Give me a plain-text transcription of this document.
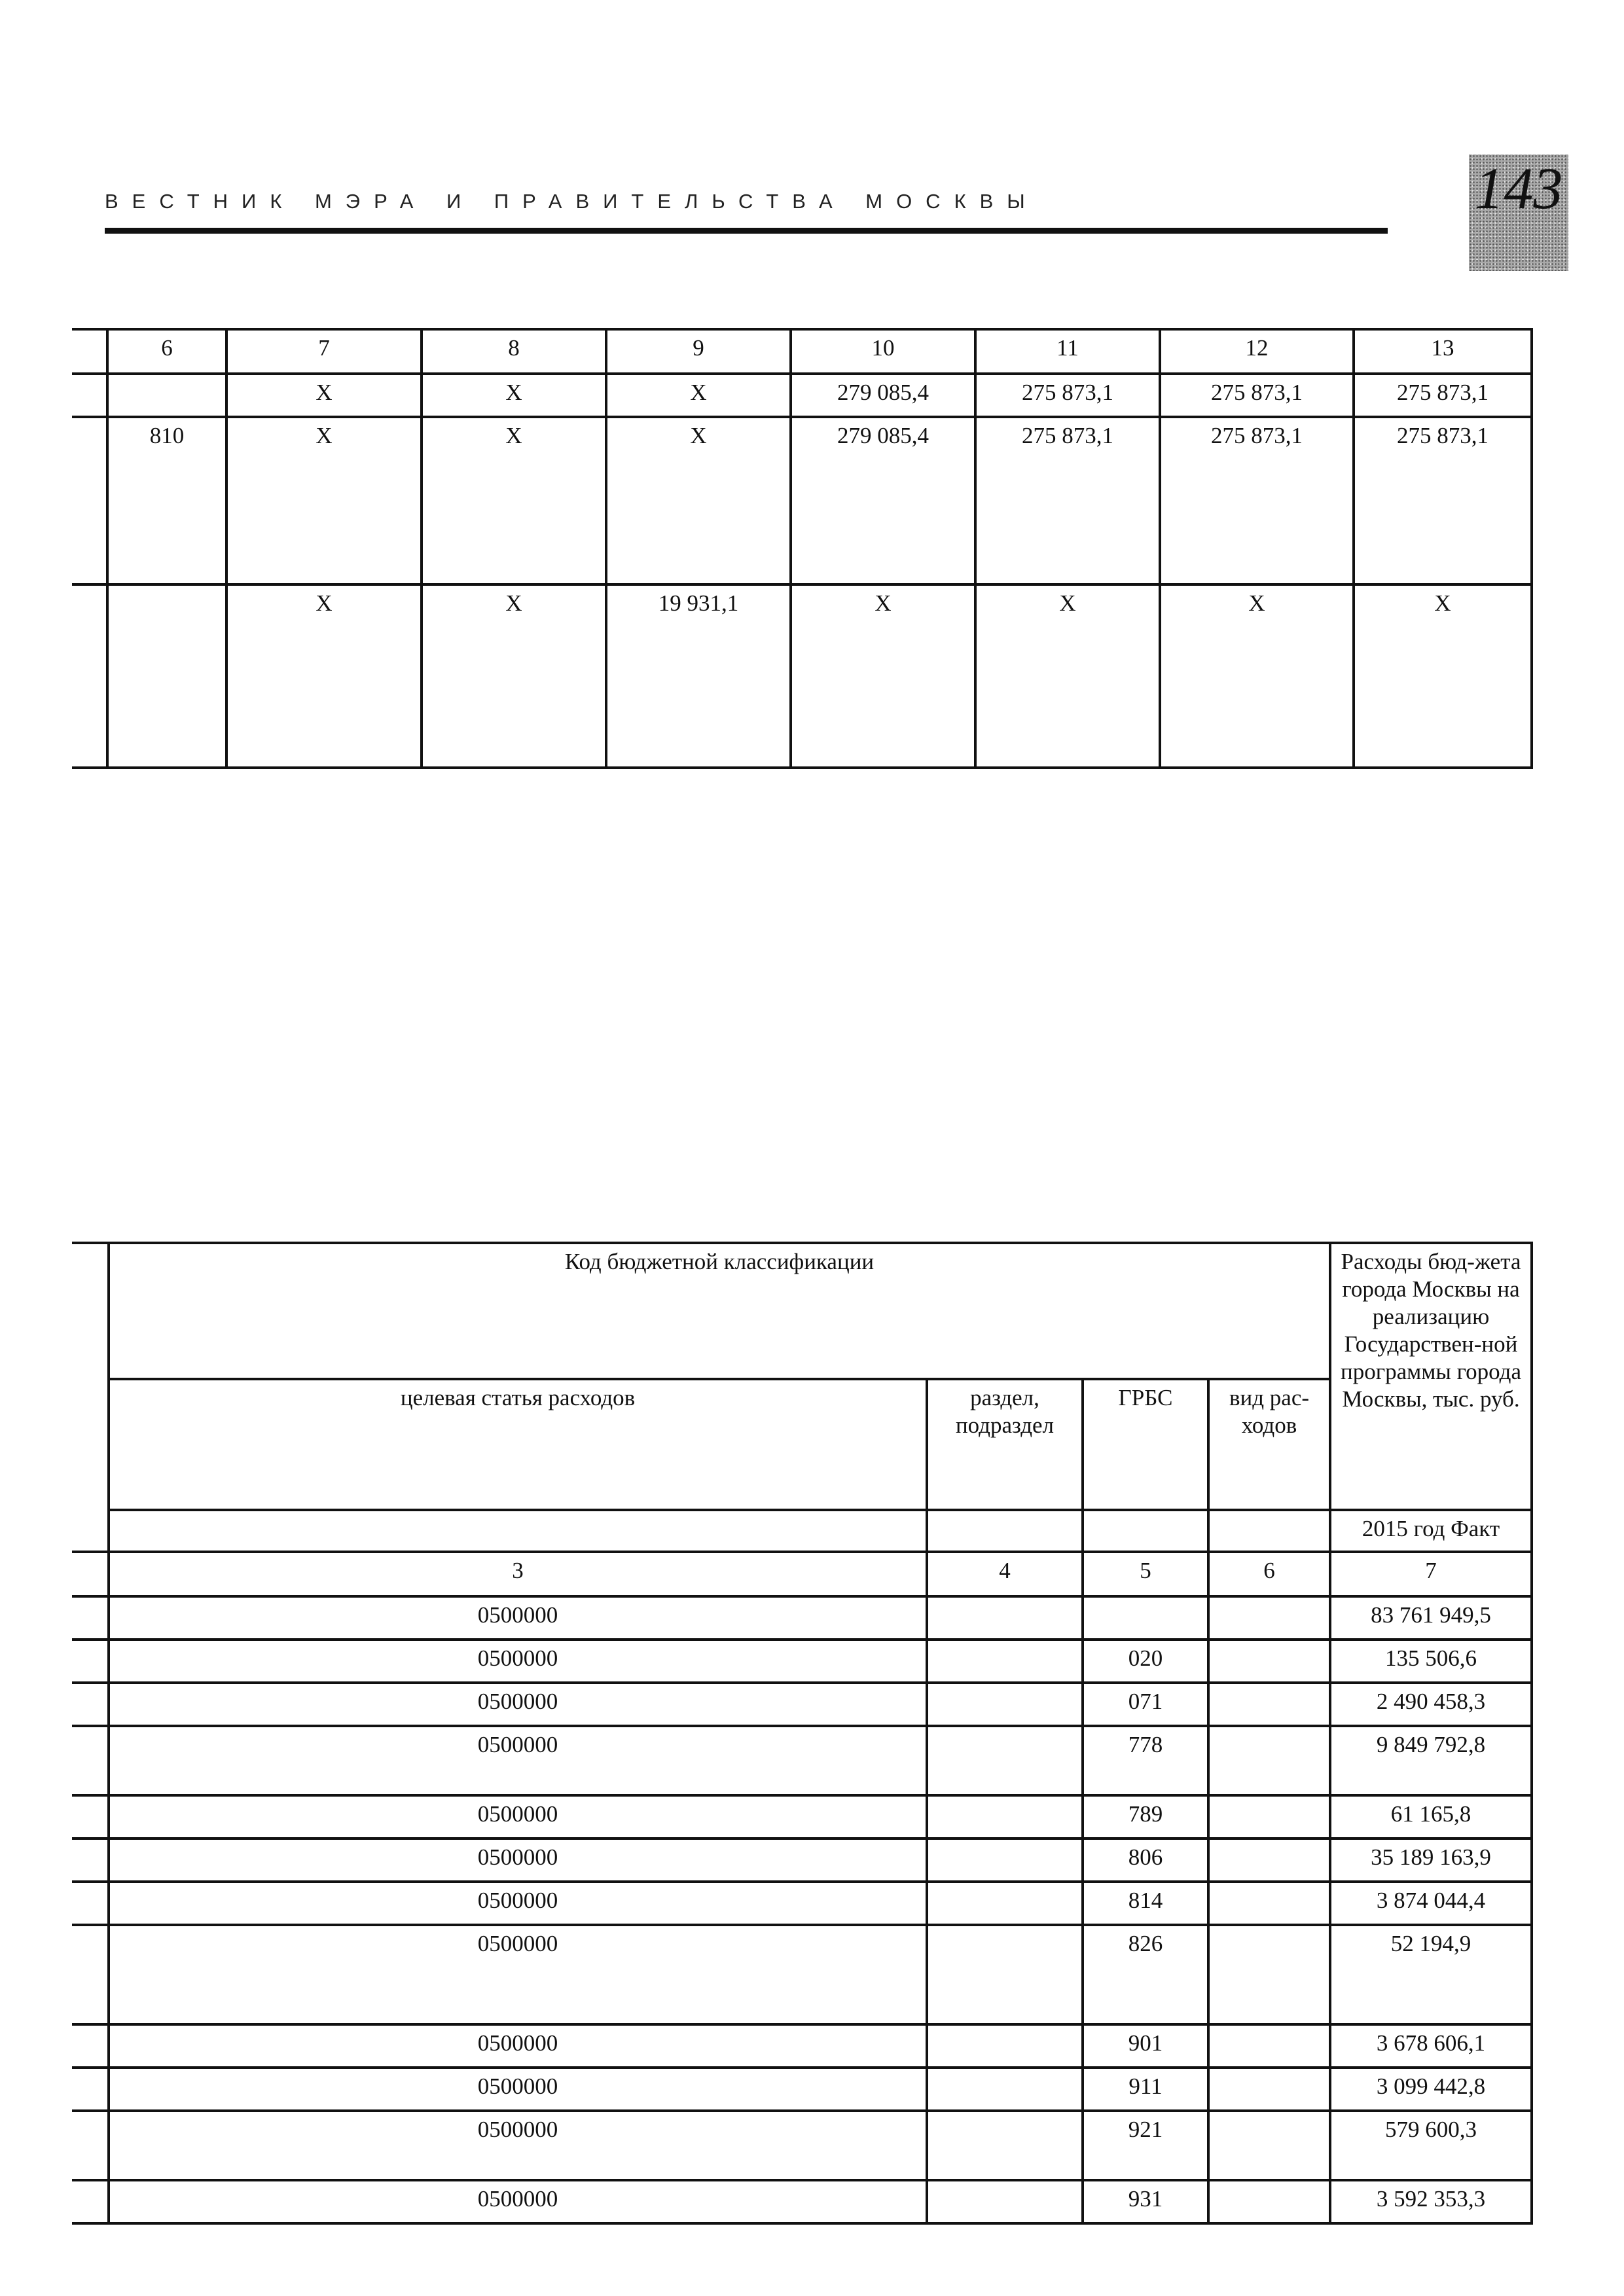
ВЕСТНИК МЭРА И ПРАВИТЕЛЬСТВА МОСКВЫ	143
	6	7	8	9	10	11	12	13
		Х	Х	Х	279 085,4	275 873,1	275 873,1	275 873,1
	810	Х	Х	Х	279 085,4	275 873,1	275 873,1	275 873,1
		Х	Х	19 931,1	Х	Х	Х	Х
	Код бюджетной классификации				Расходы бюд-жета города Москвы на реализацию Государствен-ной программы города Москвы, тыс. руб.
	целевая статья расходов	раздел, подраздел	ГРБС	вид рас-ходов	
					2015 год Факт
	3	4	5	6	7
	0500000				83 761 949,5
	0500000		020		135 506,6
	0500000		071		2 490 458,3
	0500000		778		9 849 792,8
	0500000		789		61 165,8
	0500000		806		35 189 163,9
	0500000		814		3 874 044,4
	0500000		826		52 194,9
	0500000		901		3 678 606,1
	0500000		911		3 099 442,8
	0500000		921		579 600,3
	0500000		931		3 592 353,3
